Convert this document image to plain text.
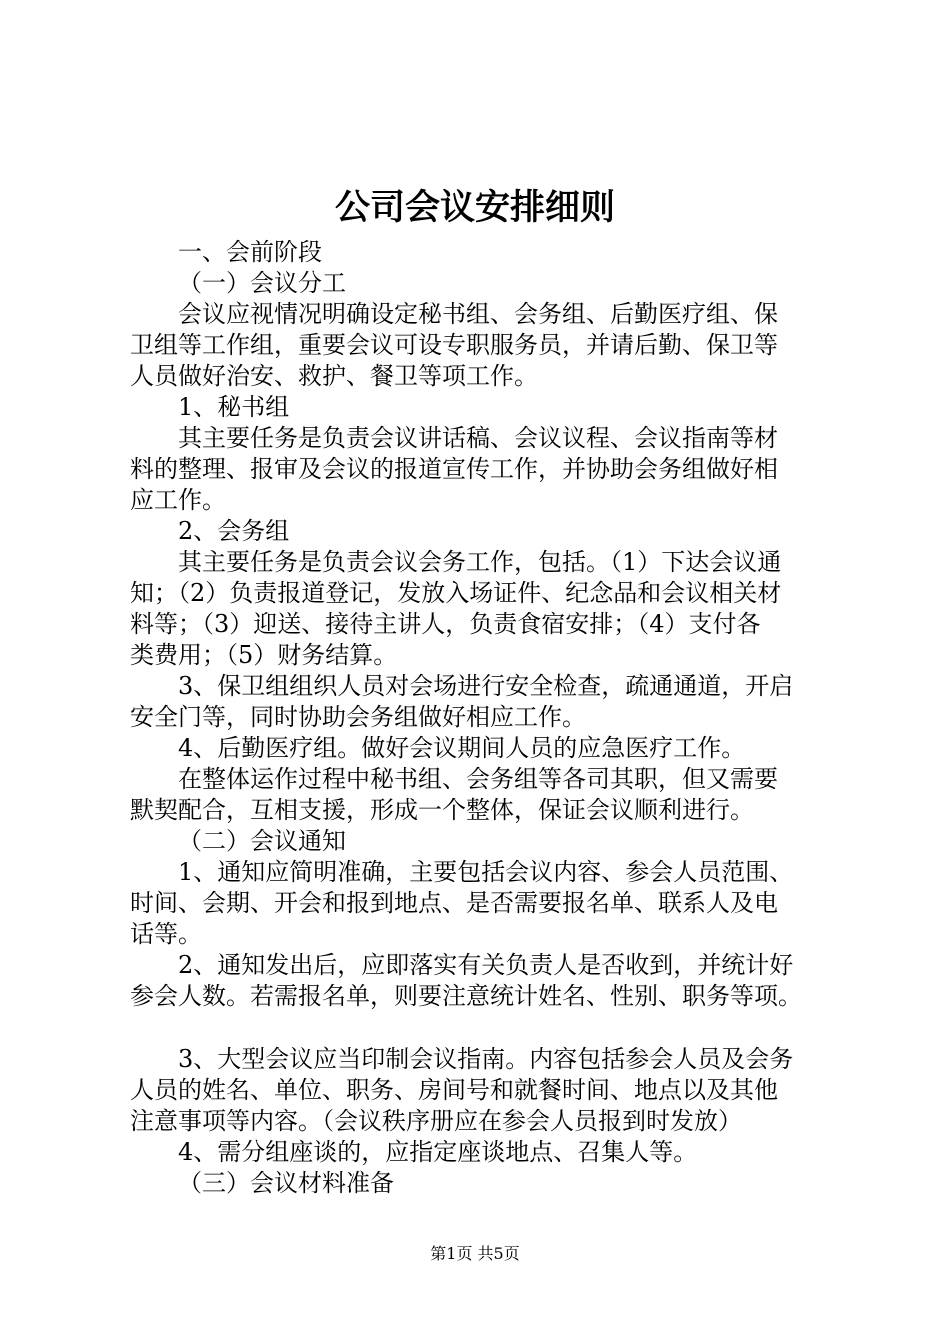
公司会议安排细则
一、会前阶段
（一）会议分工
会议应视情况明确设定秘书组、会务组、后勤医疗组、保
卫组等工作组，重要会议可设专职服务员，并请后勤、保卫等
人员做好治安、救护、餐卫等项工作。
1、秘书组
其主要任务是负责会议讲话稿、会议议程、会议指南等材
料的整理、报审及会议的报道宣传工作，并协助会务组做好相
应工作。
2、会务组
其主要任务是负责会议会务工作，包括。（1）下达会议通
知；（2）负责报道登记，发放入场证件、纪念品和会议相关材
料等；（3）迎送、接待主讲人，负责食宿安排；（4）支付各
类费用；（5）财务结算。
3、保卫组组织人员对会场进行安全检查，疏通通道，开启
安全门等，同时协助会务组做好相应工作。
4、后勤医疗组。做好会议期间人员的应急医疗工作。
在整体运作过程中秘书组、会务组等各司其职，但又需要
默契配合，互相支援，形成一个整体，保证会议顺利进行。
（二）会议通知
1、通知应简明准确，主要包括会议内容、参会人员范围、
时间、会期、开会和报到地点、是否需要报名单、联系人及电
话等。
2、通知发出后，应即落实有关负责人是否收到，并统计好
参会人数。若需报名单，则要注意统计姓名、性别、职务等项。
3、大型会议应当印制会议指南。内容包括参会人员及会务
人员的姓名、单位、职务、房间号和就餐时间、地点以及其他
注意事项等内容。（会议秩序册应在参会人员报到时发放）
4、需分组座谈的，应指定座谈地点、召集人等。
（三）会议材料准备
第1页 共5页
